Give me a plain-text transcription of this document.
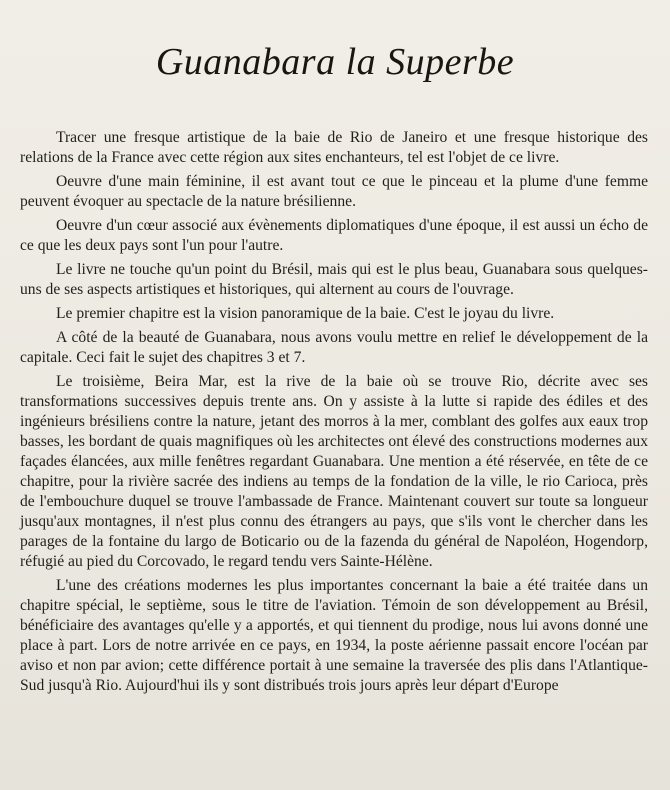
Guanabara la Superbe

Tracer une fresque artistique de la baie de Rio de Janeiro et une fresque historique des relations de la France avec cette région aux sites enchanteurs, tel est l'objet de ce livre.

Oeuvre d'une main féminine, il est avant tout ce que le pinceau et la plume d'une femme peuvent évoquer au spectacle de la nature brésilienne.

Oeuvre d'un cœur associé aux évènements diplomatiques d'une époque, il est aussi un écho de ce que les deux pays sont l'un pour l'autre.

Le livre ne touche qu'un point du Brésil, mais qui est le plus beau, Guanabara sous quelques-uns de ses aspects artistiques et historiques, qui alternent au cours de l'ouvrage.

Le premier chapitre est la vision panoramique de la baie. C'est le joyau du livre.

A côté de la beauté de Guanabara, nous avons voulu mettre en relief le développement de la capitale. Ceci fait le sujet des chapitres 3 et 7.

Le troisième, Beira Mar, est la rive de la baie où se trouve Rio, décrite avec ses transformations successives depuis trente ans. On y assiste à la lutte si rapide des édiles et des ingénieurs brésiliens contre la nature, jetant des morros à la mer, comblant des golfes aux eaux trop basses, les bordant de quais magnifiques où les architectes ont élevé des constructions modernes aux façades élancées, aux mille fenêtres regardant Guanabara. Une mention a été réservée, en tête de ce chapitre, pour la rivière sacrée des indiens au temps de la fondation de la ville, le rio Carioca, près de l'embouchure duquel se trouve l'ambassade de France. Maintenant couvert sur toute sa longueur jusqu'aux montagnes, il n'est plus connu des étrangers au pays, que s'ils vont le chercher dans les parages de la fontaine du largo de Boticario ou de la fazenda du général de Napoléon, Hogendorp, réfugié au pied du Corcovado, le regard tendu vers Sainte-Hélène.

L'une des créations modernes les plus importantes concernant la baie a été traitée dans un chapitre spécial, le septième, sous le titre de l'aviation. Témoin de son développement au Brésil, bénéficiaire des avantages qu'elle y a apportés, et qui tiennent du prodige, nous lui avons donné une place à part. Lors de notre arrivée en ce pays, en 1934, la poste aérienne passait encore l'océan par aviso et non par avion; cette différence portait à une semaine la traversée des plis dans l'Atlantique-Sud jusqu'à Rio. Aujourd'hui ils y sont distribués trois jours après leur départ d'Europe
